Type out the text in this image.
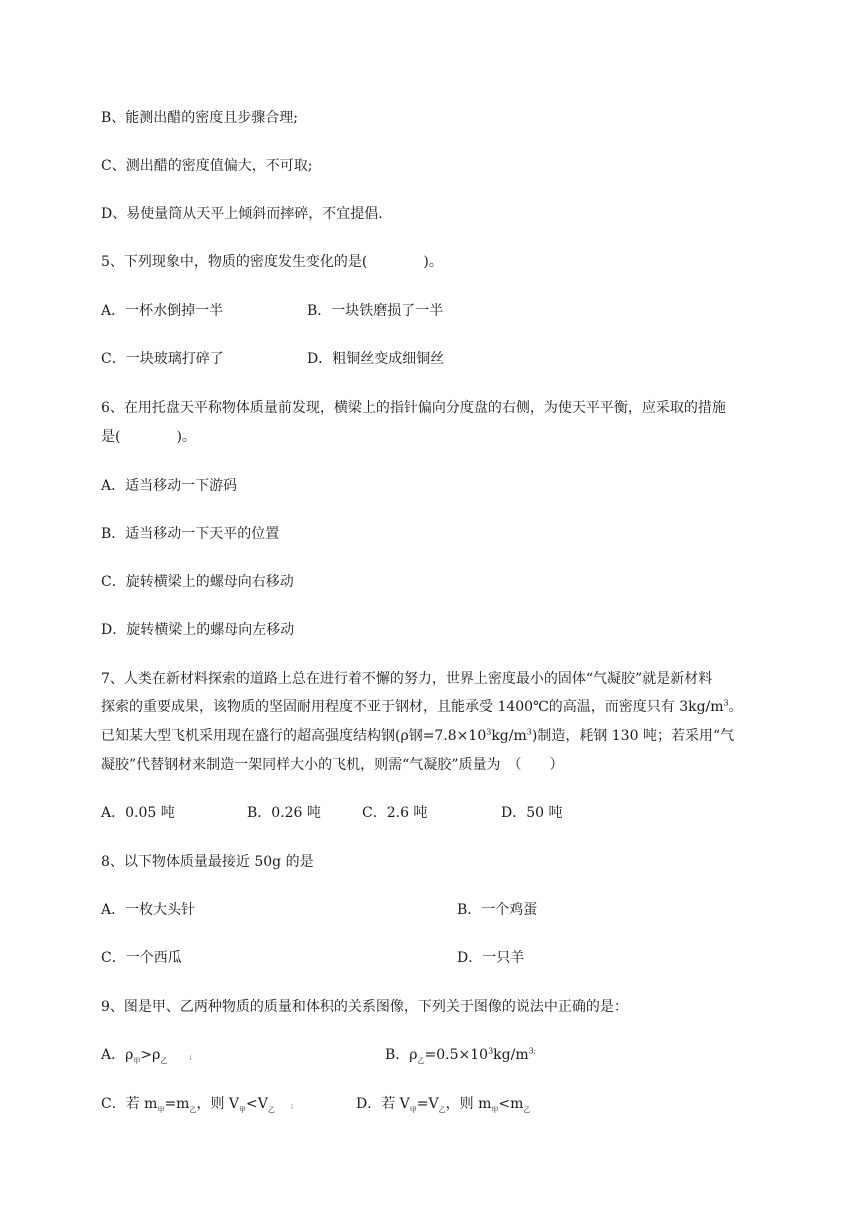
B、能测出醋的密度且步骤合理;
C、测出醋的密度值偏大，不可取;
D、易使量筒从天平上倾斜而摔碎，不宜提倡.
5、下列现象中，物质的密度发生变化的是(　　　　)。
A．一杯水倒掉一半	B．一块铁磨损了一半
C．一块玻璃打碎了	D．粗铜丝变成细铜丝
6、在用托盘天平称物体质量前发现，横梁上的指针偏向分度盘的右侧，为使天平平衡，应采取的措施
是(　　　　)。
A．适当移动一下游码
B．适当移动一下天平的位置
C．旋转横梁上的螺母向右移动
D．旋转横梁上的螺母向左移动
7、人类在新材料探索的道路上总在进行着不懈的努力，世界上密度最小的固体“气凝胶”就是新材料
探索的重要成果，该物质的坚固耐用程度不亚于钢材，且能承受 1400℃的高温，而密度只有 $3kg/m^3$。
已知某大型飞机采用现在盛行的超高强度结构钢(ρ钢$=7.8\times 10^3kg/m^3$)制造，耗钢 130 吨；若采用“气
凝胶”代替钢材来制造一架同样大小的飞机，则需“气凝胶”质量为　（　　）
A．0.05 吨	B．0.26 吨	C．2.6 吨	D．50 吨
8、以下物体质量最接近 50g 的是
A．一枚大头针	B．一个鸡蛋
C．一个西瓜	D．一只羊
9、图是甲、乙两种物质的质量和体积的关系图像，下列关于图像的说法中正确的是：
A．$\rho_甲>\rho_乙$	;	B．$\rho_乙=0.5\times 10^3kg/m^{3;}$
C．若 $m_甲=m_乙$，则 $V_甲<V_乙$ ;	D．若 $V_甲=V_乙$，则 $m_甲<m_乙$
